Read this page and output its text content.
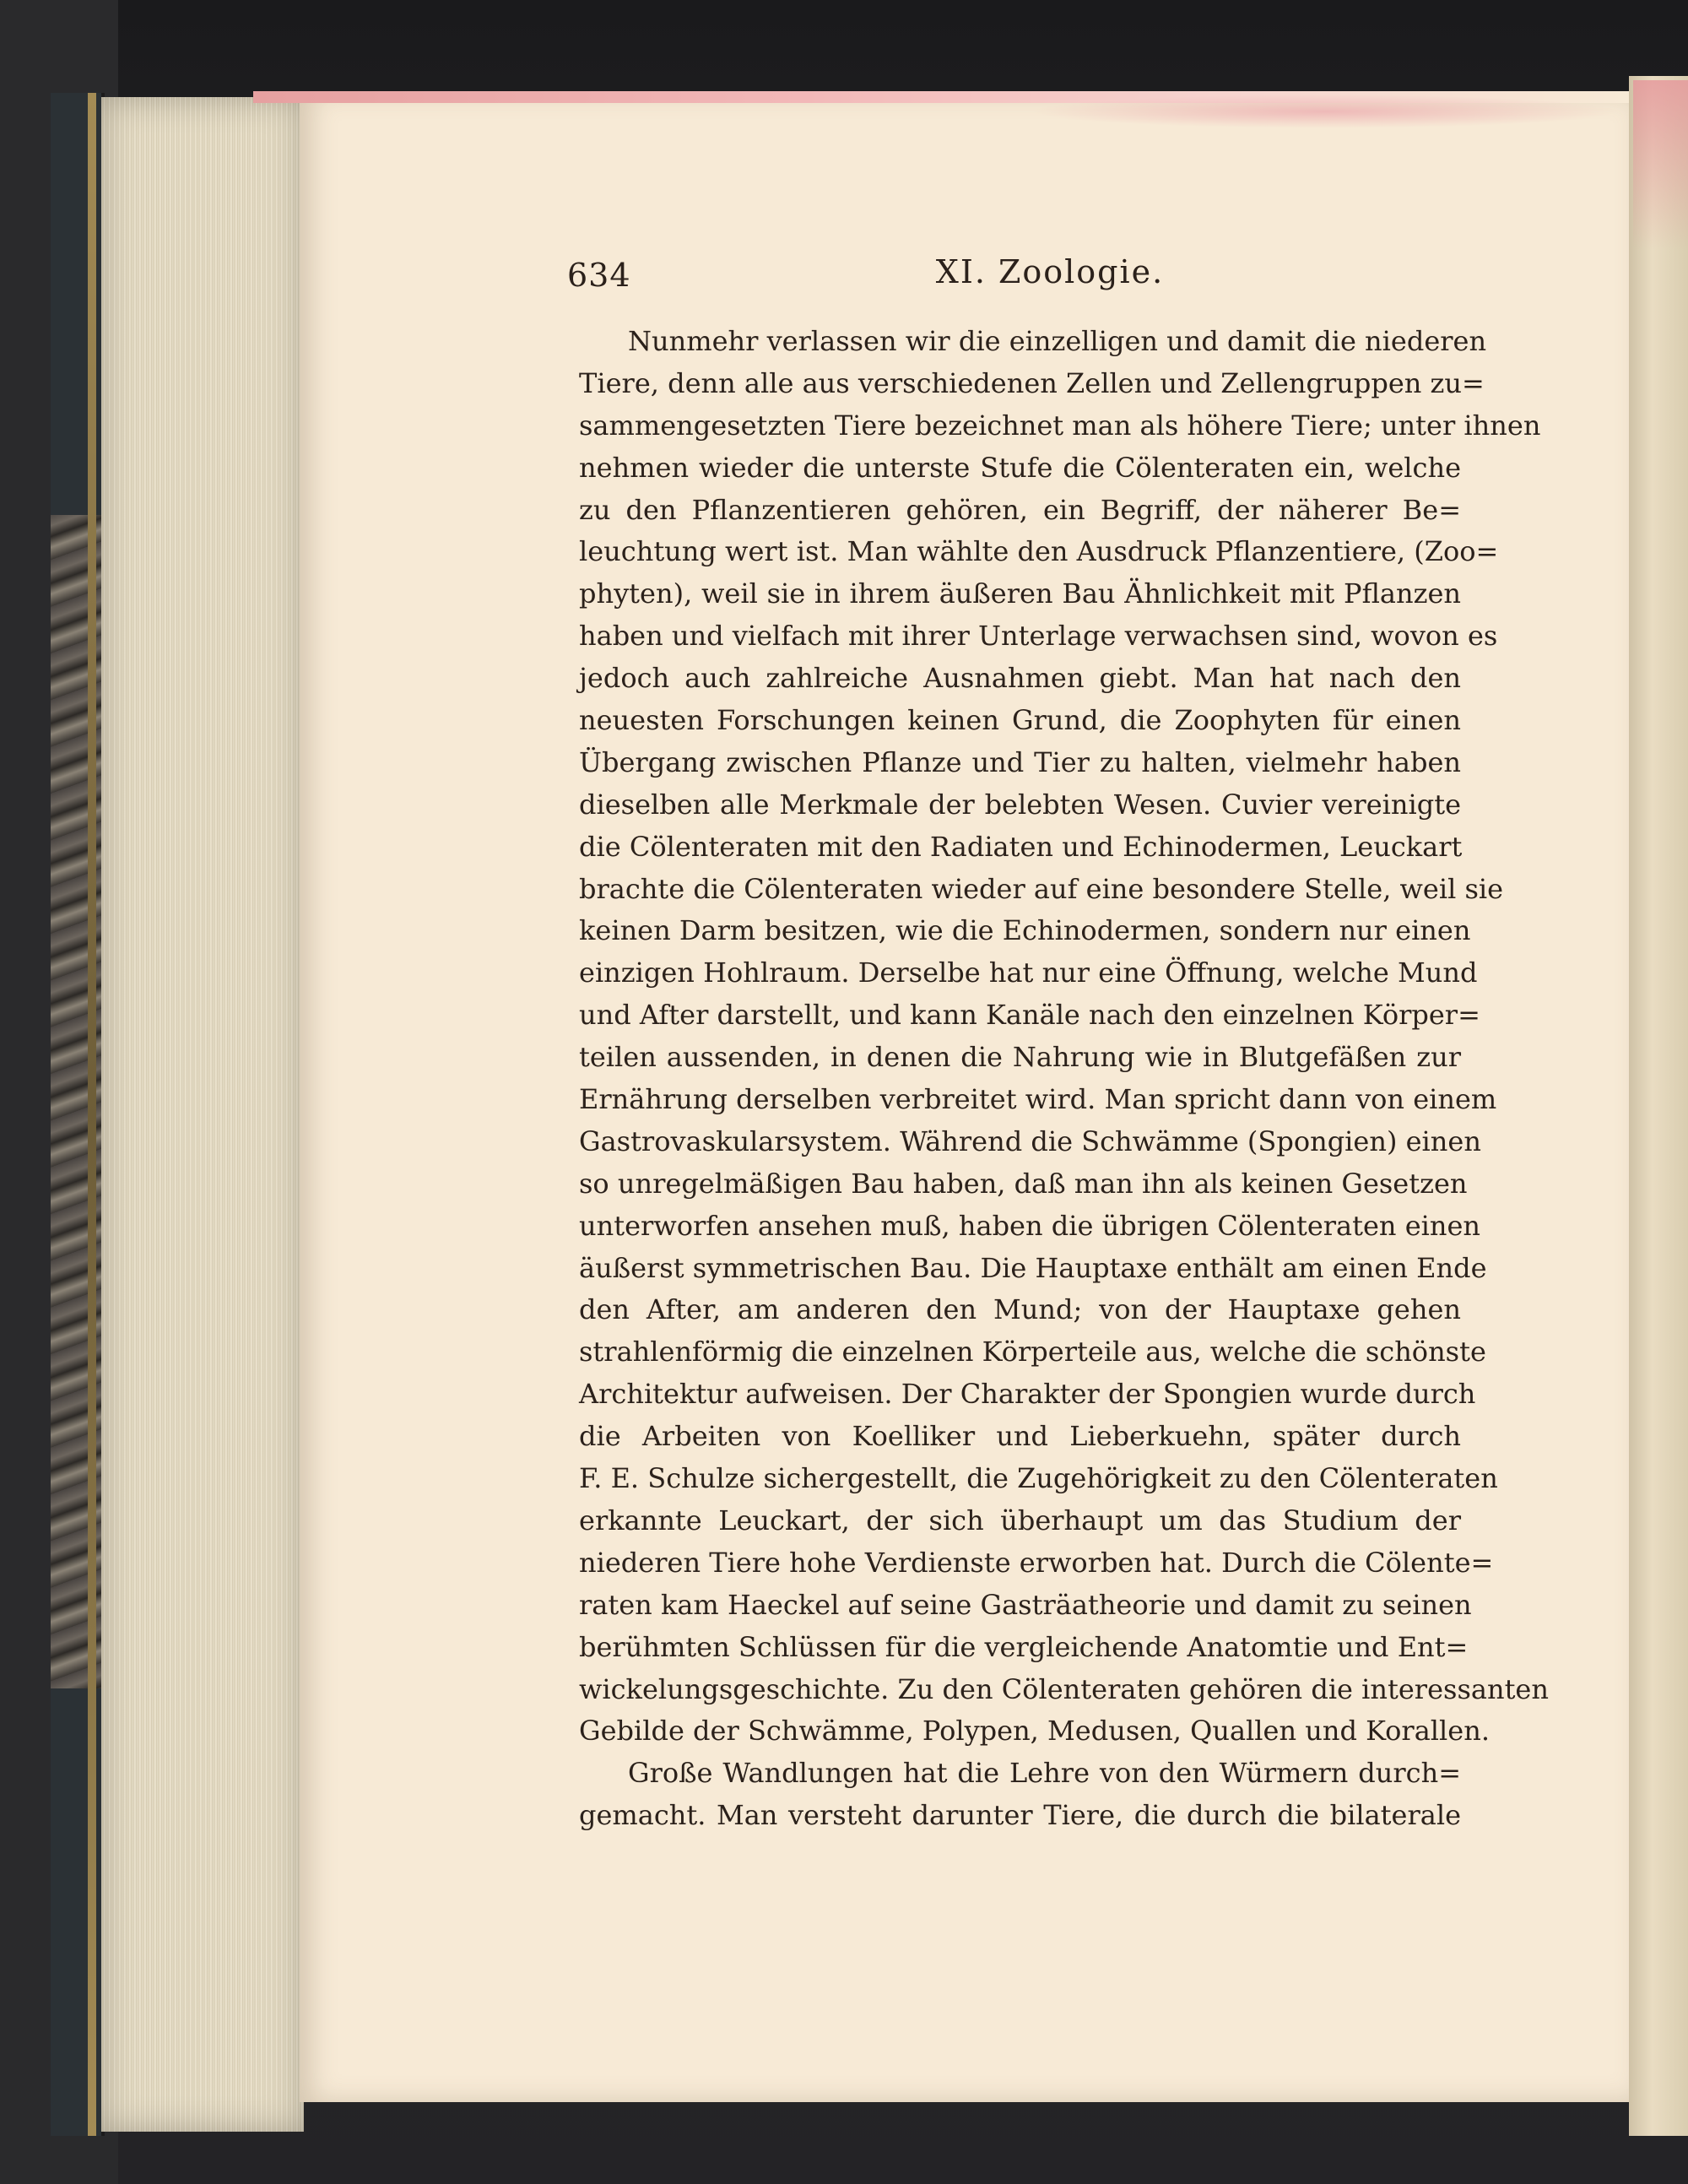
634	XI. Zoologie.
Nunmehr verlassen wir die einzelligen und damit die niederen
Tiere, denn alle aus verschiedenen Zellen und Zellengruppen zu=
sammengesetzten Tiere bezeichnet man als höhere Tiere; unter ihnen
nehmen wieder die unterste Stufe die Cölenteraten ein, welche
zu den Pflanzentieren gehören, ein Begriff, der näherer Be=
leuchtung wert ist. Man wählte den Ausdruck Pflanzentiere, (Zoo=
phyten), weil sie in ihrem äußeren Bau Ähnlichkeit mit Pflanzen
haben und vielfach mit ihrer Unterlage verwachsen sind, wovon es
jedoch auch zahlreiche Ausnahmen giebt. Man hat nach den
neuesten Forschungen keinen Grund, die Zoophyten für einen
Übergang zwischen Pflanze und Tier zu halten, vielmehr haben
dieselben alle Merkmale der belebten Wesen. Cuvier vereinigte
die Cölenteraten mit den Radiaten und Echinodermen, Leuckart
brachte die Cölenteraten wieder auf eine besondere Stelle, weil sie
keinen Darm besitzen, wie die Echinodermen, sondern nur einen
einzigen Hohlraum. Derselbe hat nur eine Öffnung, welche Mund
und After darstellt, und kann Kanäle nach den einzelnen Körper=
teilen aussenden, in denen die Nahrung wie in Blutgefäßen zur
Ernährung derselben verbreitet wird. Man spricht dann von einem
Gastrovaskularsystem. Während die Schwämme (Spongien) einen
so unregelmäßigen Bau haben, daß man ihn als keinen Gesetzen
unterworfen ansehen muß, haben die übrigen Cölenteraten einen
äußerst symmetrischen Bau. Die Hauptaxe enthält am einen Ende
den After, am anderen den Mund; von der Hauptaxe gehen
strahlenförmig die einzelnen Körperteile aus, welche die schönste
Architektur aufweisen. Der Charakter der Spongien wurde durch
die Arbeiten von Koelliker und Lieberkuehn, später durch
F. E. Schulze sichergestellt, die Zugehörigkeit zu den Cölenteraten
erkannte Leuckart, der sich überhaupt um das Studium der
niederen Tiere hohe Verdienste erworben hat. Durch die Cölente=
raten kam Haeckel auf seine Gasträatheorie und damit zu seinen
berühmten Schlüssen für die vergleichende Anatomtie und Ent=
wickelungsgeschichte. Zu den Cölenteraten gehören die interessanten
Gebilde der Schwämme, Polypen, Medusen, Quallen und Korallen.
Große Wandlungen hat die Lehre von den Würmern durch=
gemacht. Man versteht darunter Tiere, die durch die bilaterale
